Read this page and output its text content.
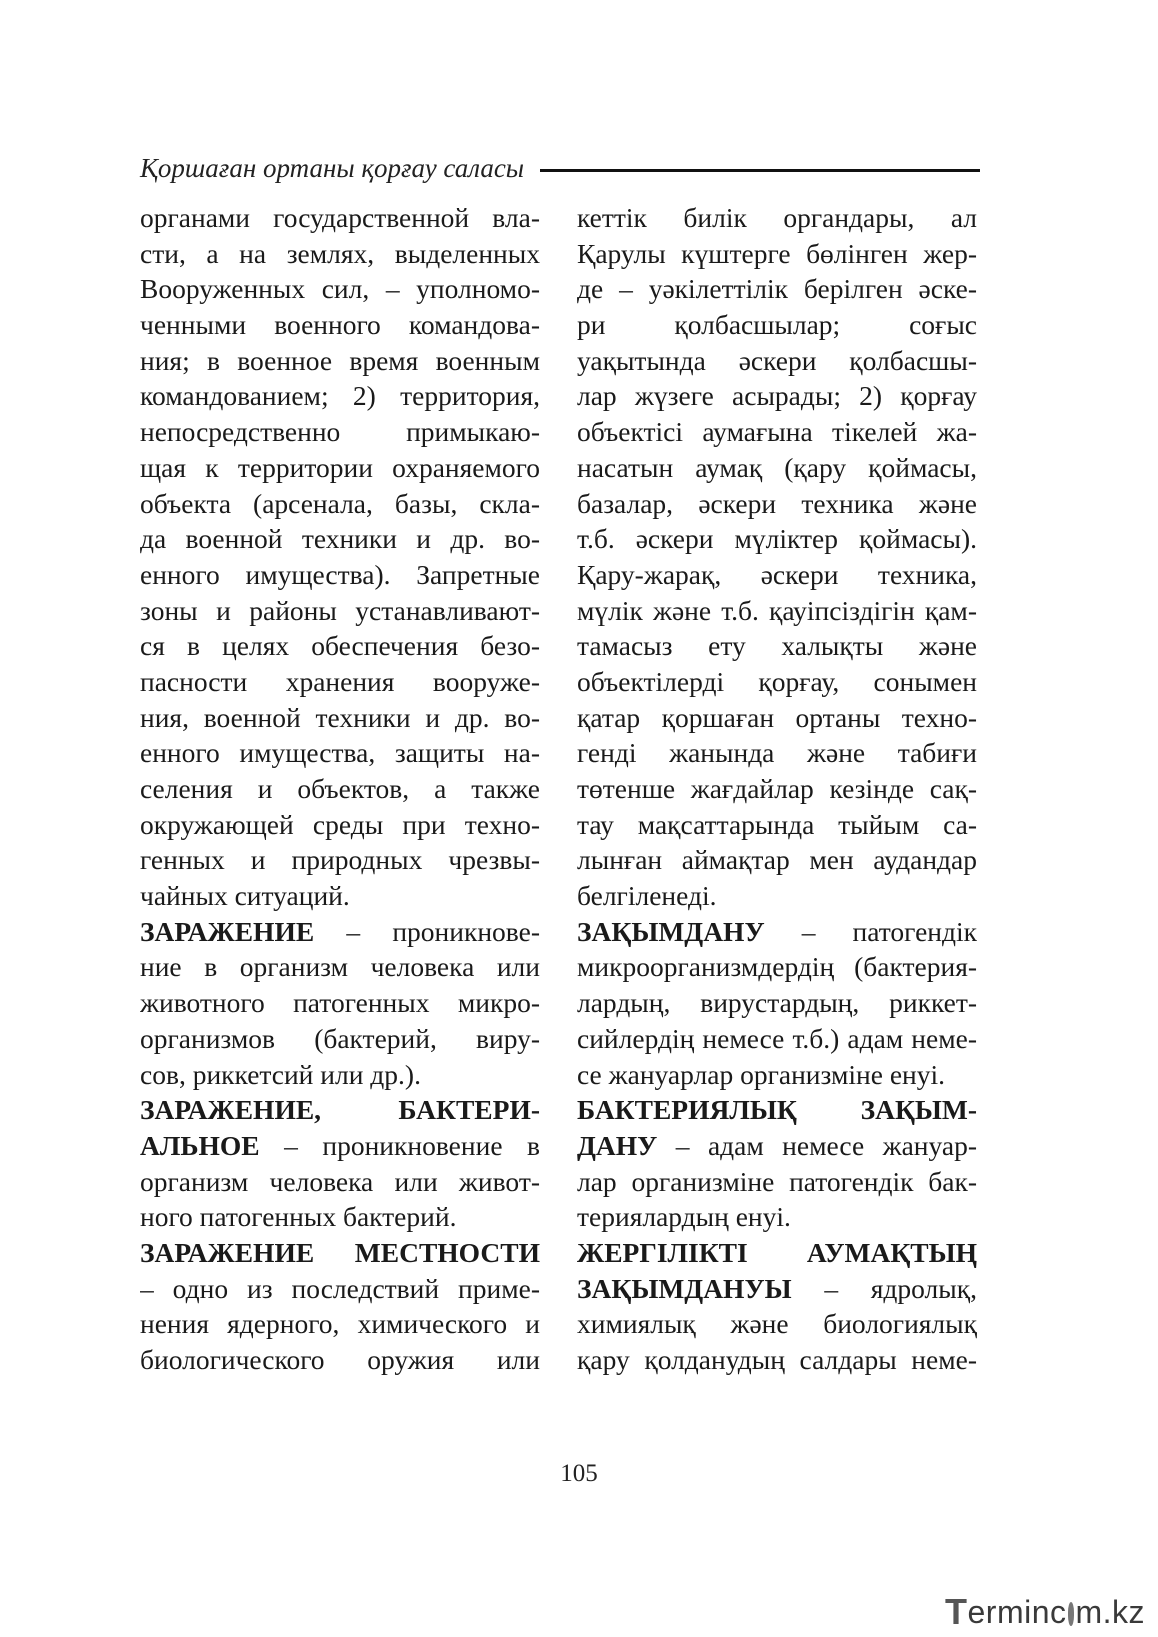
Қоршаған ортаны қорғау саласы
органами государственной вла-
сти, а на землях, выделенных
Вооруженных сил, – уполномо-
ченными военного командова-
ния; в военное время военным
командованием; 2) территория,
непосредственно примыкаю-
щая к территории охраняемого
объекта (арсенала, базы, скла-
да военной техники и др. во-
енного имущества). Запретные
зоны и районы устанавливают-
ся в целях обеспечения безо-
пасности хранения вооруже-
ния, военной техники и др. во-
енного имущества, защиты на-
селения и объектов, а также
окружающей среды при техно-
генных и природных чрезвы-
чайных ситуаций.
ЗАРАЖЕНИЕ – проникнове-
ние в организм человека или
животного патогенных микро-
организмов (бактерий, виру-
сов, риккетсий или др.).
ЗАРАЖЕНИЕ, БАКТЕРИ-
АЛЬНОЕ – проникновение в
организм человека или живот-
ного патогенных бактерий.
ЗАРАЖЕНИЕ МЕСТНОСТИ
– одно из последствий приме-
нения ядерного, химического и
биологического оружия или
кеттік билік органдары, ал
Қарулы күштерге бөлінген жер-
де – уәкілеттілік берілген әске-
ри қолбасшылар; соғыс
уақытында әскери қолбасшы-
лар жүзеге асырады; 2) қорғау
объектісі аумағына тікелей жа-
насатын аумақ (қару қоймасы,
базалар, әскери техника және
т.б. әскери мүліктер қоймасы).
Қару-жарақ, әскери техника,
мүлік және т.б. қауіпсіздігін қам-
тамасыз ету халықты және
объектілерді қорғау, сонымен
қатар қоршаған ортаны техно-
генді жанында және табиғи
төтенше жағдайлар кезінде сақ-
тау мақсаттарында тыйым са-
лынған аймақтар мен аудандар
белгіленеді.
ЗАҚЫМДАНУ – патогендік
микроорганизмдердің (бактерия-
лардың, вирустардың, риккет-
сийлердің немесе т.б.) адам неме-
се жануарлар организміне енуі.
БАКТЕРИЯЛЫҚ ЗАҚЫМ-
ДАНУ – адам немесе жануар-
лар организміне патогендік бак-
териялардың енуі.
ЖЕРГІЛІКТІ АУМАҚТЫҢ
ЗАҚЫМДАНУЫ – ядролық,
химиялық және биологиялық
қару қолданудың салдары неме-
105
T erminc m.kz
